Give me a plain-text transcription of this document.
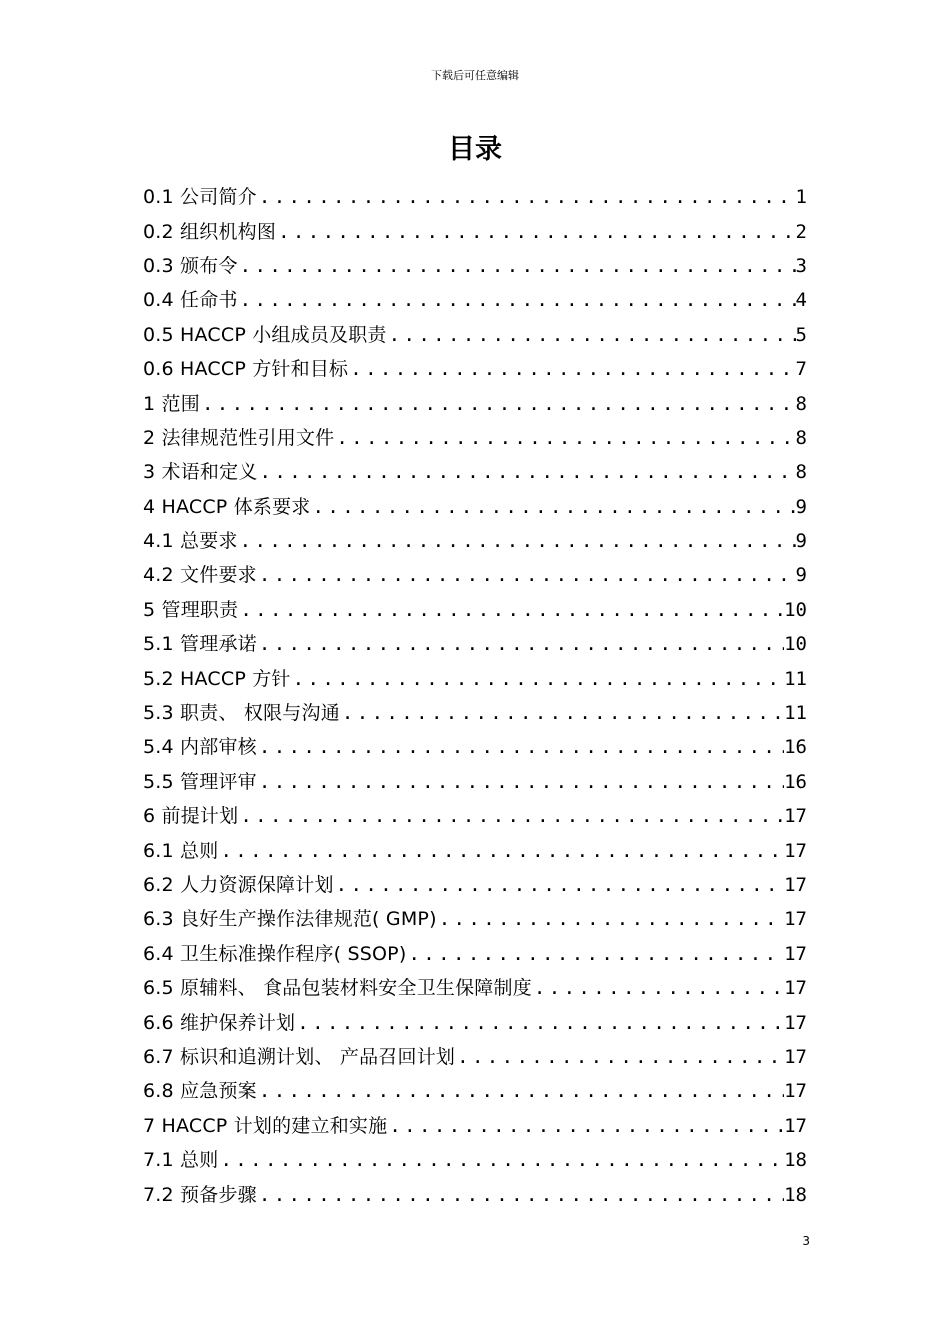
下载后可任意编辑
目录
0.1 公司简介 .....	1
0.2 组织机构图 .....	2
0.3 颁布令 .....	3
0.4 任命书 .....	4
0.5 HACCP 小组成员及职责 .....	5
0.6 HACCP 方针和目标 .....	7
1 范围 .....	8
2 法律规范性引用文件 .....	8
3 术语和定义 .....	8
4 HACCP 体系要求 .....	9
4.1 总要求 .....	9
4.2 文件要求 .....	9
5 管理职责 .....	10
5.1 管理承诺 .....	10
5.2 HACCP 方针 .....	11
5.3 职责、 权限与沟通 .....	11
5.4 内部审核 .....	16
5.5 管理评审 .....	16
6 前提计划 .....	17
6.1 总则 .....	17
6.2 人力资源保障计划 .....	17
6.3 良好生产操作法律规范( GMP) .....	17
6.4 卫生标准操作程序( SSOP) .....	17
6.5 原辅料、 食品包装材料安全卫生保障制度 .....	17
6.6 维护保养计划 .....	17
6.7 标识和追溯计划、 产品召回计划 .....	17
6.8 应急预案 .....	17
7 HACCP 计划的建立和实施 .....	17
7.1 总则 .....	18
7.2 预备步骤 .....	18
3
